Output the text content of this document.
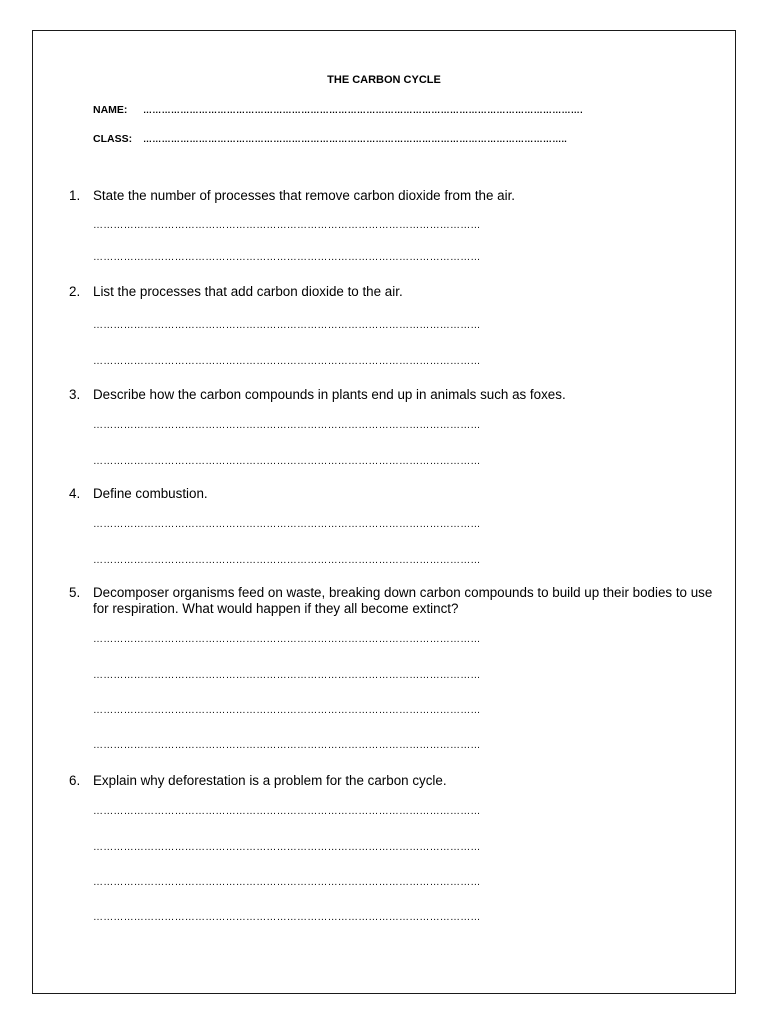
THE CARBON CYCLE
NAME: …………………………………………………………………………………………………………………………….
CLASS: ………………………………………………………………………………………………………………………..
1. State the number of processes that remove carbon dioxide from the air.
……………………………………………………………………………………………………
……………………………………………………………………………………………………
2. List the processes that add carbon dioxide to the air.
……………………………………………………………………………………………………
……………………………………………………………………………………………………
3. Describe how the carbon compounds in plants end up in animals such as foxes.
……………………………………………………………………………………………………
……………………………………………………………………………………………………
4. Define combustion.
……………………………………………………………………………………………………
……………………………………………………………………………………………………
5. Decomposer organisms feed on waste, breaking down carbon compounds to build up their bodies to use for respiration. What would happen if they all become extinct?
……………………………………………………………………………………………………
……………………………………………………………………………………………………
……………………………………………………………………………………………………
……………………………………………………………………………………………………
6. Explain why deforestation is a problem for the carbon cycle.
……………………………………………………………………………………………………
……………………………………………………………………………………………………
……………………………………………………………………………………………………
……………………………………………………………………………………………………
